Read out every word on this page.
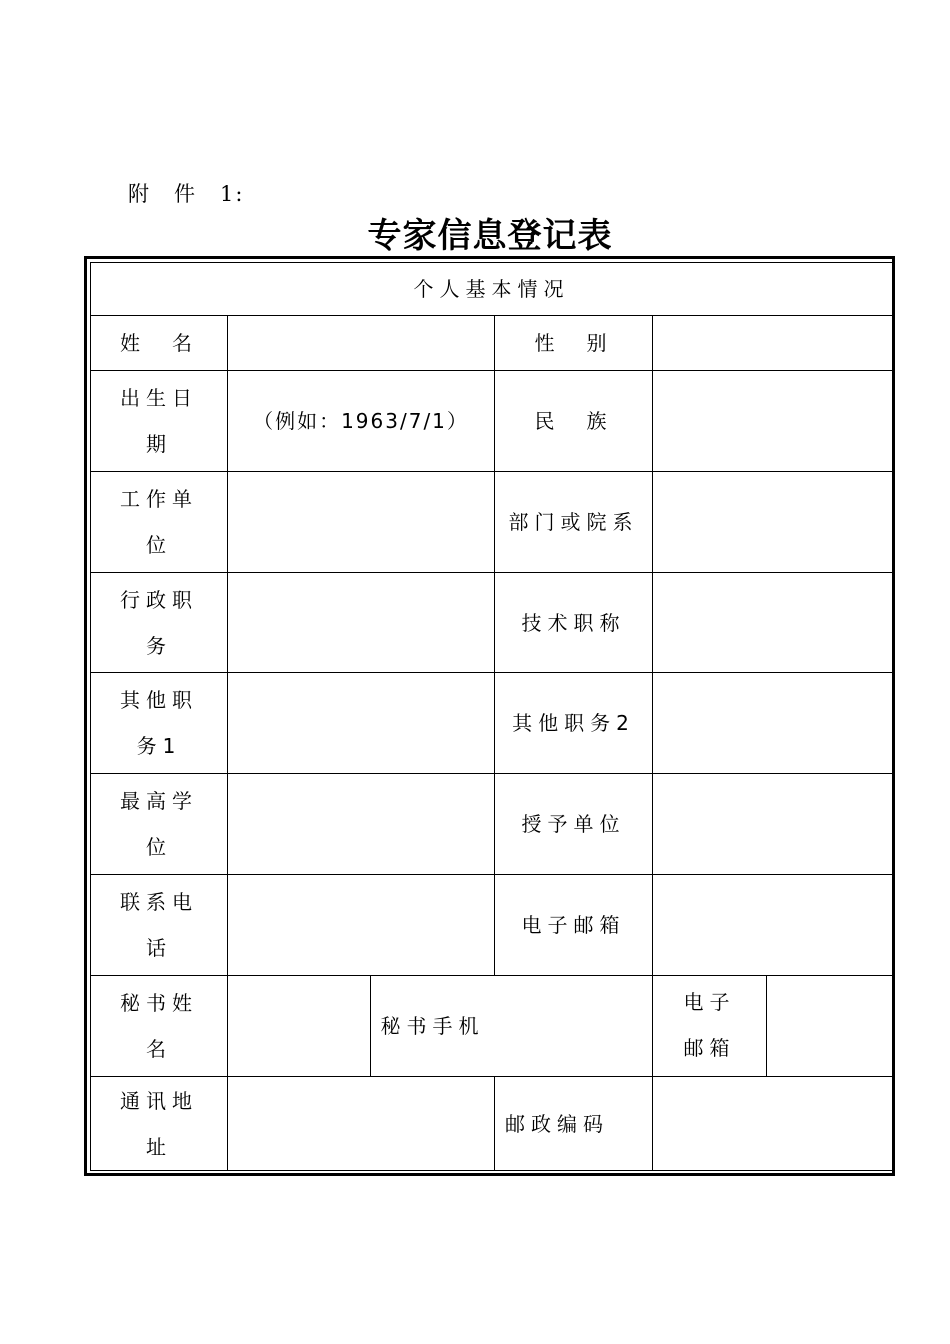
附　件　1:
专家信息登记表
个人基本情况
姓　名	性　别
出生日期
（例如：1963/7/1）	民　族
工作单位
部门或院系
行政职务
技术职称
其他职务1
其他职务2
最高学位
授予单位
联系电话
电子邮箱
秘书姓名
秘书手机
电子邮箱
通讯地址
邮政编码
